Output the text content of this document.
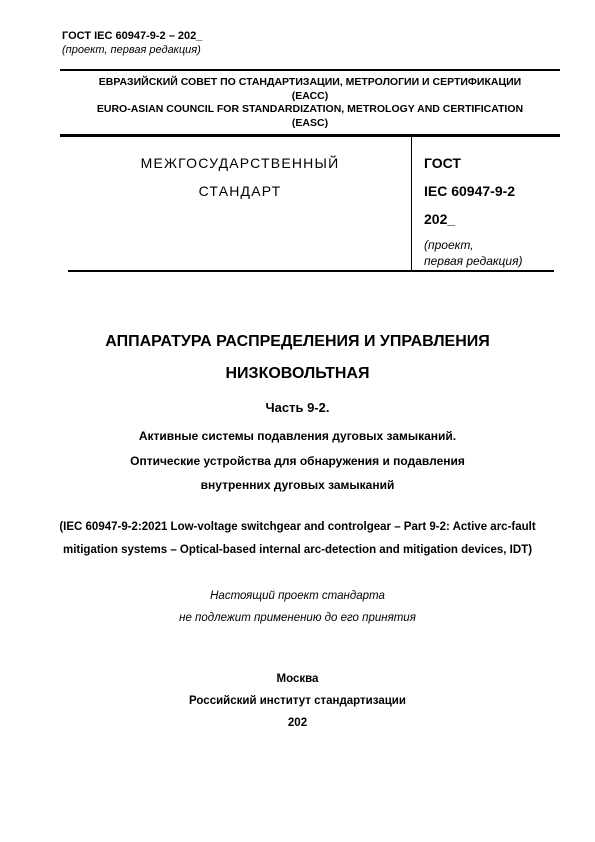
ГОСТ IEC 60947-9-2 – 202_
(проект, первая редакция)
ЕВРАЗИЙСКИЙ СОВЕТ ПО СТАНДАРТИЗАЦИИ, МЕТРОЛОГИИ И СЕРТИФИКАЦИИ
(ЕАСС)
EURO-ASIAN COUNCIL FOR STANDARDIZATION, METROLOGY AND CERTIFICATION
(EASC)
МЕЖГОСУДАРСТВЕННЫЙ
СТАНДАРТ
ГОСТ
IEC 60947-9-2
202_
(проект,
первая редакция)
АППАРАТУРА РАСПРЕДЕЛЕНИЯ И УПРАВЛЕНИЯ
НИЗКОВОЛЬТНАЯ
Часть 9-2.
Активные системы подавления дуговых замыканий.
Оптические устройства для обнаружения и подавления
внутренних дуговых замыканий
(IEC 60947-9-2:2021 Low-voltage switchgear and controlgear – Part 9-2: Active arc-fault
mitigation systems – Optical-based internal arc-detection and mitigation devices, IDT)
Настоящий проект стандарта
не подлежит применению до его принятия
Москва
Российский институт стандартизации
202
